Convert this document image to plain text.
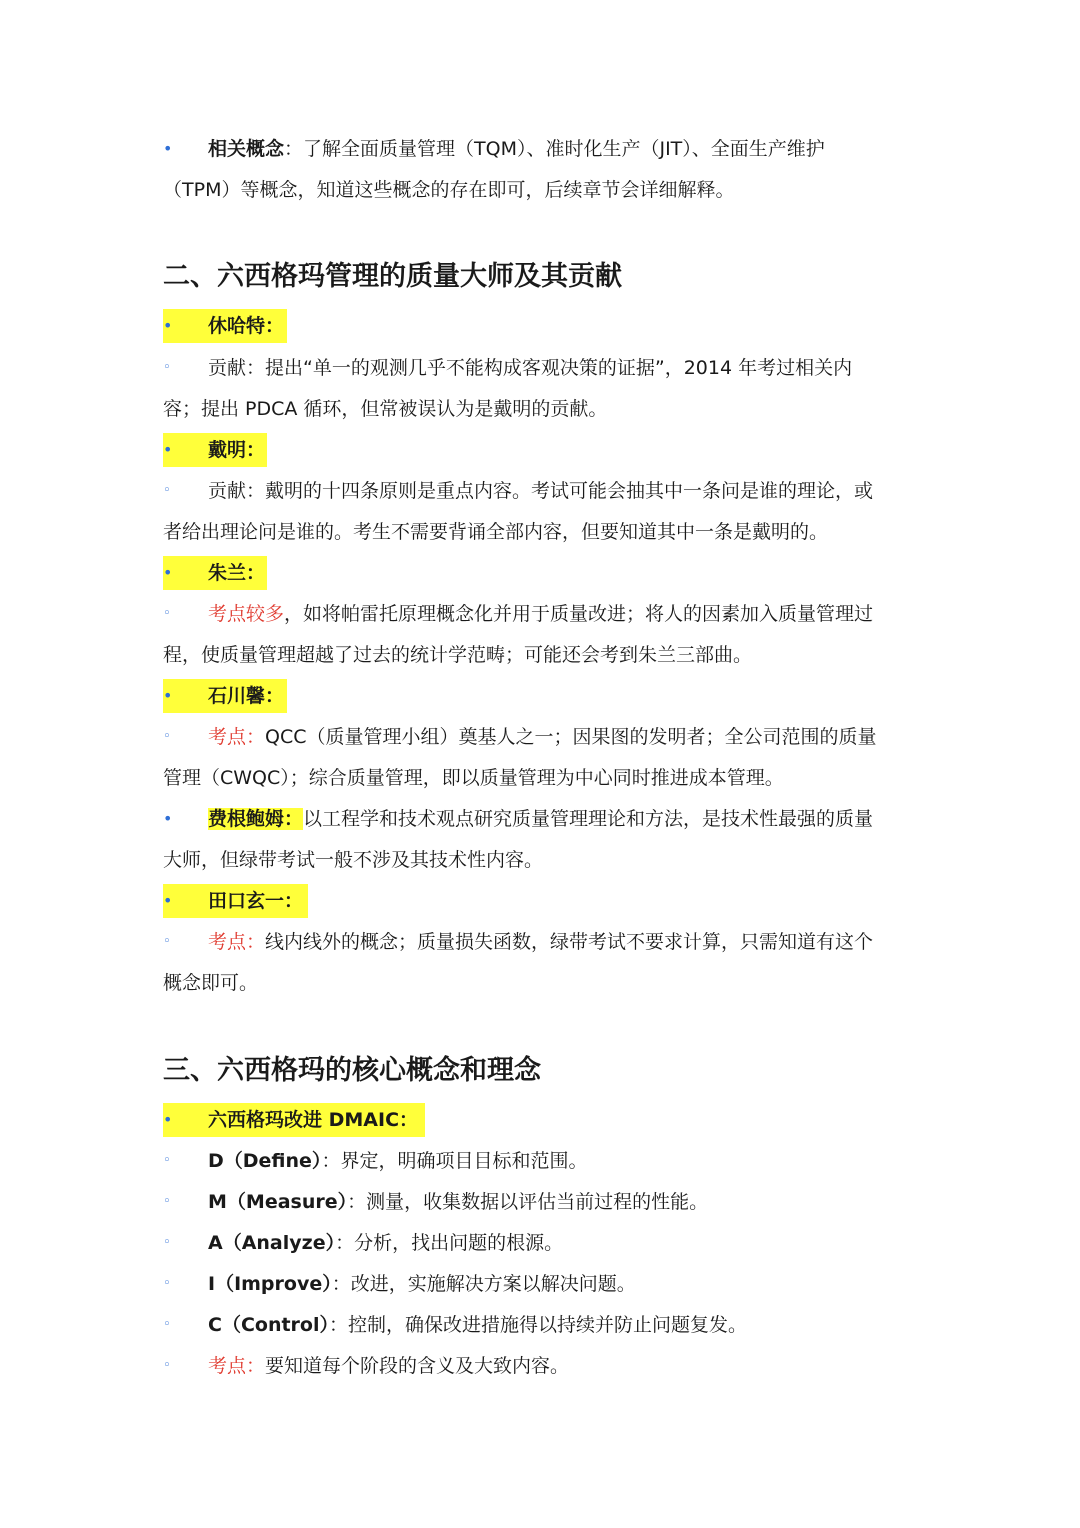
•	相关概念：了解全面质量管理（TQM）、准时化生产（JIT）、全面生产维护
（TPM）等概念，知道这些概念的存在即可，后续章节会详细解释。
二、六西格玛管理的质量大师及其贡献
•	休哈特：
◦	贡献：提出“单一的观测几乎不能构成客观决策的证据”，2014 年考过相关内
容；提出 PDCA 循环，但常被误认为是戴明的贡献。
•	戴明：
◦	贡献：戴明的十四条原则是重点内容。考试可能会抽其中一条问是谁的理论，或
者给出理论问是谁的。考生不需要背诵全部内容，但要知道其中一条是戴明的。
•	朱兰：
◦	考点较多，如将帕雷托原理概念化并用于质量改进；将人的因素加入质量管理过
程，使质量管理超越了过去的统计学范畴；可能还会考到朱兰三部曲。
•	石川馨：
◦	考点：QCC（质量管理小组）奠基人之一；因果图的发明者；全公司范围的质量
管理（CWQC）；综合质量管理，即以质量管理为中心同时推进成本管理。
•	费根鲍姆：以工程学和技术观点研究质量管理理论和方法，是技术性最强的质量
大师，但绿带考试一般不涉及其技术性内容。
•	田口玄一：
◦	考点：线内线外的概念；质量损失函数，绿带考试不要求计算，只需知道有这个
概念即可。
三、六西格玛的核心概念和理念
•	六西格玛改进 DMAIC：
◦	D（Define）：界定，明确项目目标和范围。
◦	M（Measure）：测量，收集数据以评估当前过程的性能。
◦	A（Analyze）：分析，找出问题的根源。
◦	I（Improve）：改进，实施解决方案以解决问题。
◦	C（Control）：控制，确保改进措施得以持续并防止问题复发。
◦	考点：要知道每个阶段的含义及大致内容。
